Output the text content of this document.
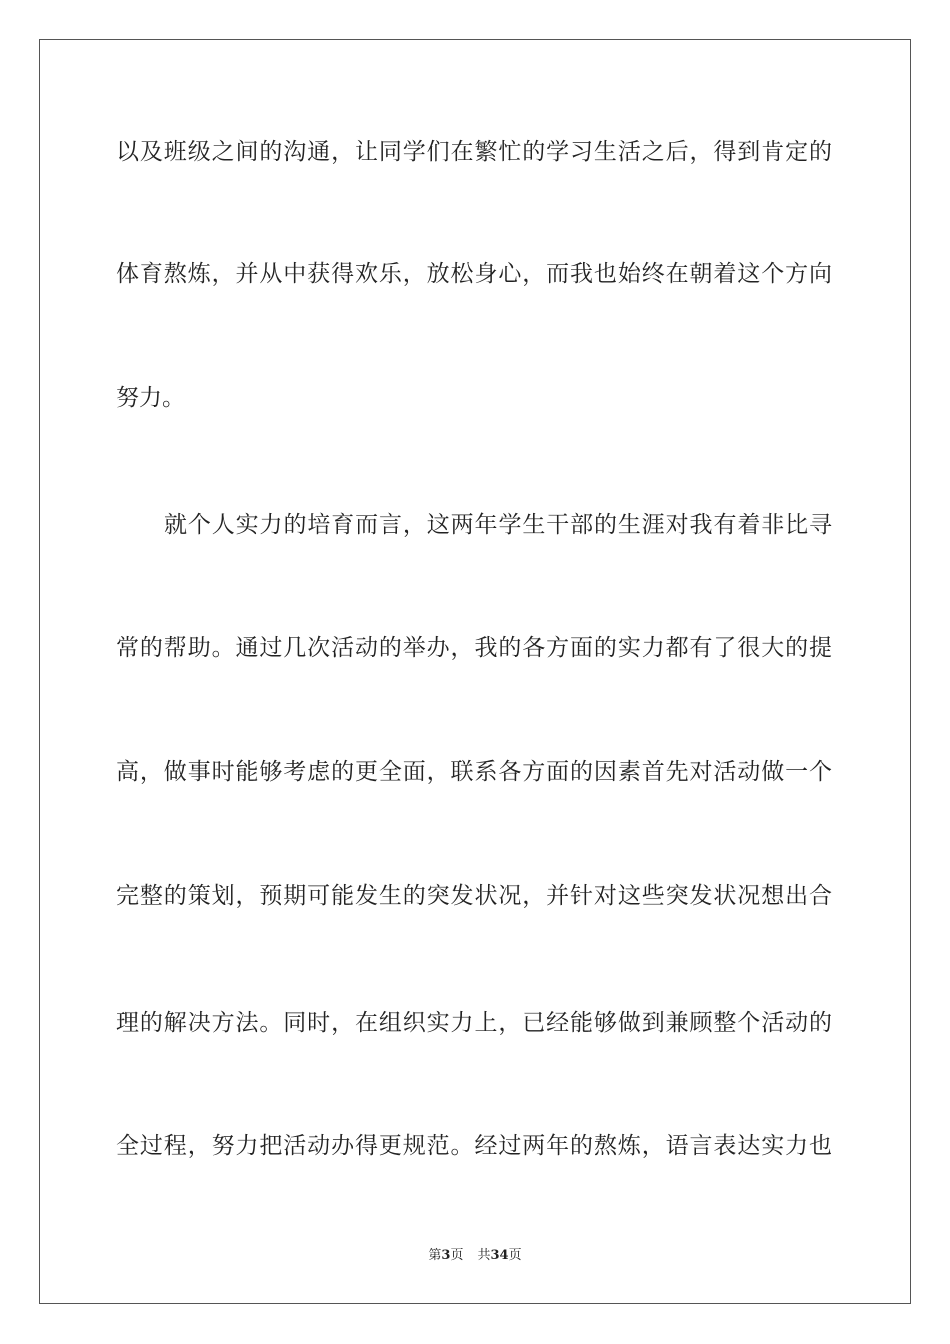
以及班级之间的沟通，让同学们在繁忙的学习生活之后，得到肯定的
体育熬炼，并从中获得欢乐，放松身心，而我也始终在朝着这个方向
努力。
就个人实力的培育而言，这两年学生干部的生涯对我有着非比寻
常的帮助。通过几次活动的举办，我的各方面的实力都有了很大的提
高，做事时能够考虑的更全面，联系各方面的因素首先对活动做一个
完整的策划，预期可能发生的突发状况，并针对这些突发状况想出合
理的解决方法。同时，在组织实力上，已经能够做到兼顾整个活动的
全过程，努力把活动办得更规范。经过两年的熬炼，语言表达实力也
第3页 共34页
